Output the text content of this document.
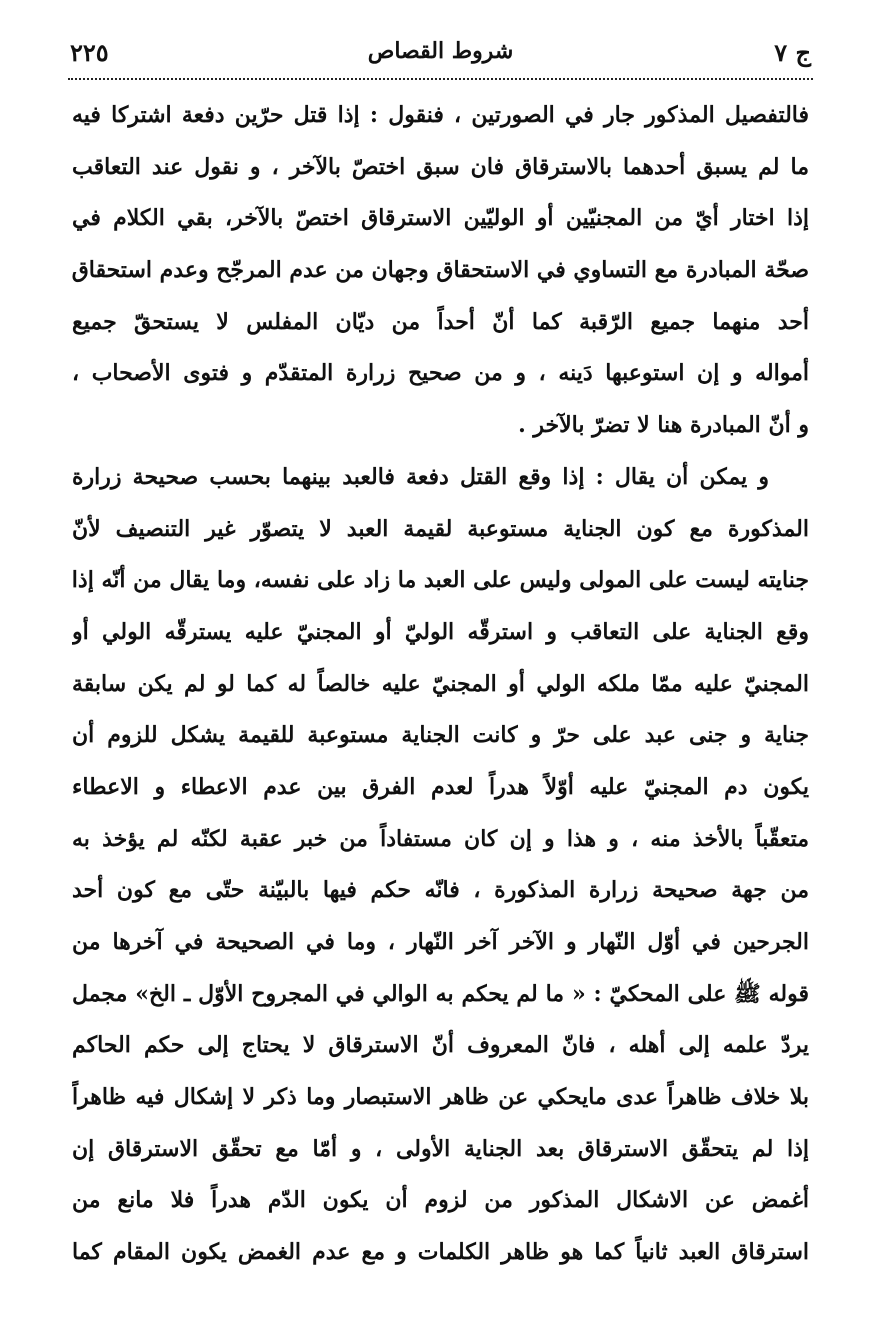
ج ٧
شروط القصاص
٢٢٥
فالتفصيل المذكور جار في الصورتين ، فنقول : إذا قتل حرّين دفعة اشتركا فيه
ما لم يسبق أحدهما بالاسترقاق فان سبق اختصّ بالآخر ، و نقول عند التعاقب
إذا اختار أيّ من المجنيّين أو الوليّين الاسترقاق اختصّ بالآخر، بقي الكلام في
صحّة المبادرة مع التساوي في الاستحقاق وجهان من عدم المرجّح وعدم استحقاق
أحد منهما جميع الرّقبة كما أنّ أحداً من ديّان المفلس لا يستحقّ جميع
أمواله و إن استوعبها دَينه ، و من صحيح زرارة المتقدّم و فتوى الأصحاب ،
و أنّ المبادرة هنا لا تضرّ بالآخر .
و يمكن أن يقال : إذا وقع القتل دفعة فالعبد بينهما بحسب صحيحة زرارة
المذكورة مع كون الجناية مستوعبة لقيمة العبد لا يتصوّر غير التنصيف لأنّ
جنايته ليست على المولى وليس على العبد ما زاد على نفسه، وما يقال من أنّه إذا
وقع الجناية على التعاقب و استرقّه الوليّ أو المجنيّ عليه يسترقّه الولي أو
المجنيّ عليه ممّا ملكه الولي أو المجنيّ عليه خالصاً له كما لو لم يكن سابقة
جناية و جنى عبد على حرّ و كانت الجناية مستوعبة للقيمة يشكل للزوم أن
يكون دم المجنيّ عليه أوّلاً هدراً لعدم الفرق بين عدم الاعطاء و الاعطاء
متعقّباً بالأخذ منه ، و هذا و إن كان مستفاداً من خبر عقبة لكنّه لم يؤخذ به
من جهة صحيحة زرارة المذكورة ، فانّه حكم فيها بالبيّنة حتّى مع كون أحد
الجرحين في أوّل النّهار و الآخر آخر النّهار ، وما في الصحيحة في آخرها من
قوله ﷺ على المحكيّ : « ما لم يحكم به الوالي في المجروح الأوّل ـ الخ» مجمل
يردّ علمه إلى أهله ، فانّ المعروف أنّ الاسترقاق لا يحتاج إلى حكم الحاكم
بلا خلاف ظاهراً عدى مايحكي عن ظاهر الاستبصار وما ذكر لا إشكال فيه ظاهراً
إذا لم يتحقّق الاسترقاق بعد الجناية الأولى ، و أمّا مع تحقّق الاسترقاق إن
أغمض عن الاشكال المذكور من لزوم أن يكون الدّم هدراً فلا مانع من
استرقاق العبد ثانياً كما هو ظاهر الكلمات و مع عدم الغمض يكون المقام كما
